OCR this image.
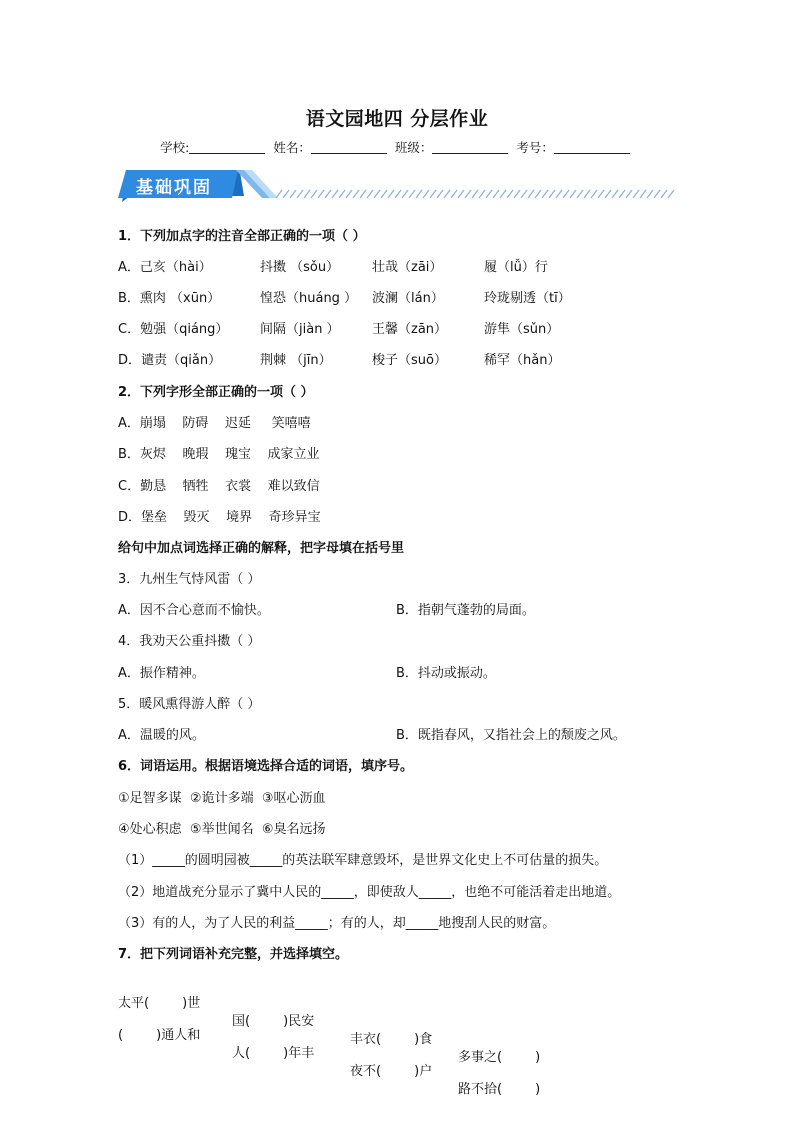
语文园地四 分层作业
学校:	姓名：	班级：	考号：
基础巩固
1．下列加点字的注音全部正确的一项（ ）
A．己亥（hài）	抖擞 （sǒu）	壮哉（zāi）	履（lǚ）行
B．熏肉 （xūn）	惶恐（huáng ） 波澜（lán）	玲珑剔透（tī）
C．勉强（qiáng） 间隔（jiàn ） 王馨（zān）	游隼（sǔn）
D．谴责（qiǎn）	荆棘 （jīn）	梭子（suō）	稀罕（hǎn）
2．下列字形全部正确的一项（ ）
A．崩塌    防碍    迟延     笑嘻嘻
B．灰烬    晚瑕    瑰宝    成家立业
C．勤恳    牺牲    衣裳    难以致信
D．堡垒    毁灭    境界    奇珍异宝
给句中加点词选择正确的解释，把字母填在括号里
3．九州生气恃风雷（ ）
A．因不合心意而不愉快。	B．指朝气蓬勃的局面。
4．我劝天公重抖擞（ ）
A．振作精神。	B．抖动或振动。
5．暖风熏得游人醉（ ）
A．温暖的风。	B．既指春风，又指社会上的颓废之风。
6．词语运用。根据语境选择合适的词语，填序号。
①足智多谋  ②诡计多端  ③呕心沥血
④处心积虑  ⑤举世闻名  ⑥臭名远扬
（1）_____的圆明园被_____的英法联军肆意毁坏，是世界文化史上不可估量的损失。
（2）地道战充分显示了冀中人民的_____，即使敌人_____，也绝不可能活着走出地道。
（3）有的人，为了人民的利益_____；有的人，却_____地搜刮人民的财富。
7．把下列词语补充完整，并选择填空。

太平(        )世

国(        )民安

丰衣(        )食

多事之(        )

(        )通人和

人(        )年丰

夜不(        )户

路不拾(        )
